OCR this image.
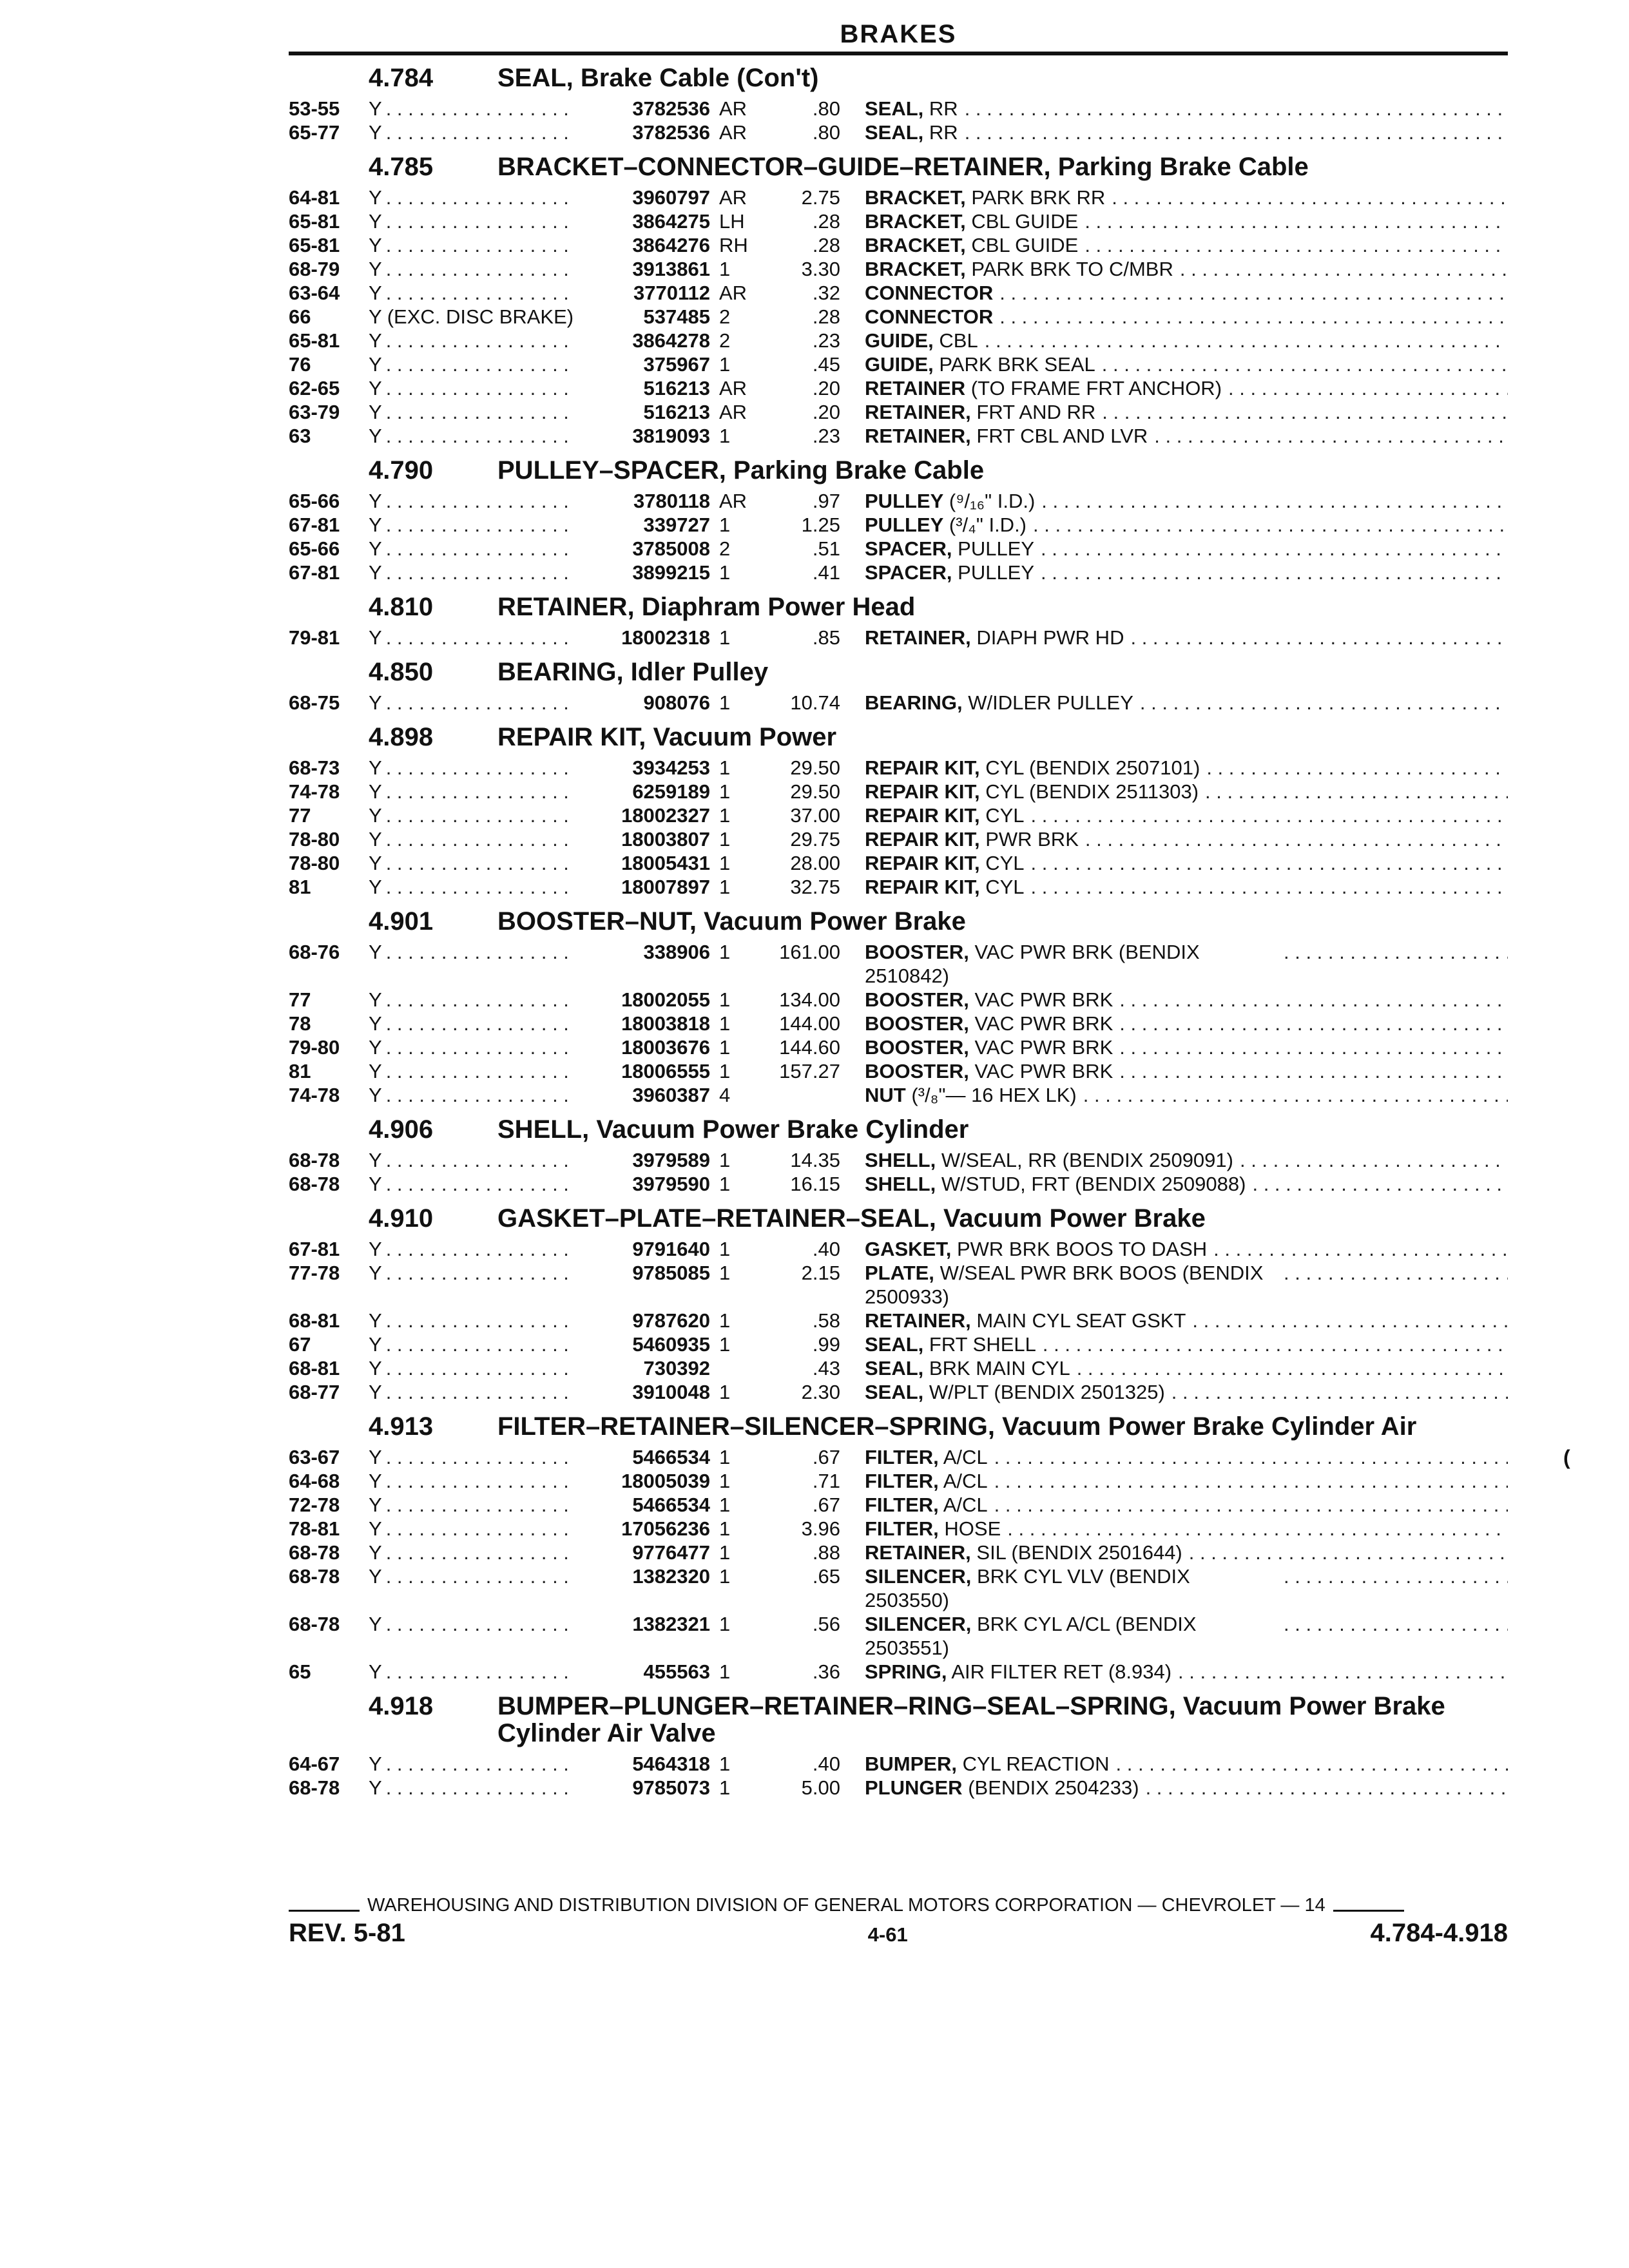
BRAKES
4.784	SEAL, Brake Cable (Con't)
53-55	Y . . .	3782536 AR	.80 SEAL, RR
. . .
65-77	Y . . .	3782536 AR	.80 SEAL, RR
. . .
4.785	BRACKET–CONNECTOR–GUIDE–RETAINER, Parking Brake Cable
64-81	Y . . .	3960797 AR	2.75 BRACKET, PARK BRK RR
. . .
65-81	Y . . .	3864275 LH	.28 BRACKET, CBL GUIDE
. . .
65-81	Y . . .	3864276 RH	.28 BRACKET, CBL GUIDE
. . .
68-79	Y . . .	3913861 1	3.30 BRACKET, PARK BRK TO C/MBR
. . .
63-64	Y . . .	3770112 AR	.32 CONNECTOR
. . .
66	Y (EXC. DISC BRAKE)	537485 2	.28 CONNECTOR
. . .
65-81	Y . . .	3864278 2	.23 GUIDE, CBL
. . .
76	Y . . .	375967 1	.45 GUIDE, PARK BRK SEAL
. . .
62-65	Y . . .	516213 AR	.20 RETAINER (TO FRAME FRT ANCHOR)
. . .
63-79	Y . . .	516213 AR	.20 RETAINER, FRT AND RR
. . .
63	Y . . .	3819093 1	.23 RETAINER, FRT CBL AND LVR
. . .
4.790	PULLEY–SPACER, Parking Brake Cable
65-66	Y . . .	3780118 AR	.97 PULLEY (⁹/₁₆" I.D.)
. . .
67-81	Y . . .	339727 1	1.25 PULLEY (³/₄" I.D.)
. . .
65-66	Y . . .	3785008 2	.51 SPACER, PULLEY
. . .
67-81	Y . . .	3899215 1	.41 SPACER, PULLEY
. . .
4.810	RETAINER, Diaphram Power Head
79-81	Y . . .	18002318 1	.85 RETAINER, DIAPH PWR HD
. . .
4.850	BEARING, Idler Pulley
68-75	Y . . .	908076 1	10.74 BEARING, W/IDLER PULLEY
. . .
4.898	REPAIR KIT, Vacuum Power
68-73	Y . . .	3934253 1	29.50 REPAIR KIT, CYL (BENDIX 2507101)
. . .
74-78	Y . . .	6259189 1	29.50 REPAIR KIT, CYL (BENDIX 2511303)
. . .
77	Y . . .	18002327 1	37.00 REPAIR KIT, CYL
. . .
78-80	Y . . .	18003807 1	29.75 REPAIR KIT, PWR BRK
. . .
78-80	Y . . .	18005431 1	28.00 REPAIR KIT, CYL
. . .
81	Y . . .	18007897 1	32.75 REPAIR KIT, CYL
. . .
4.901	BOOSTER–NUT, Vacuum Power Brake
68-76	Y . . .	338906 1	161.00 BOOSTER, VAC PWR BRK (BENDIX 2510842)
. . .
77	Y . . .	18002055 1	134.00 BOOSTER, VAC PWR BRK
. . .
78	Y . . .	18003818 1	144.00 BOOSTER, VAC PWR BRK
. . .
79-80	Y . . .	18003676 1	144.60 BOOSTER, VAC PWR BRK
. . .
81	Y . . .	18006555 1	157.27 BOOSTER, VAC PWR BRK
. . .
74-78	Y . . .	3960387 4	NUT (³/₈"— 16 HEX LK)
. . .
4.906	SHELL, Vacuum Power Brake Cylinder
68-78	Y . . .	3979589 1	14.35 SHELL, W/SEAL, RR (BENDIX 2509091)
. . .
68-78	Y . . .	3979590 1	16.15 SHELL, W/STUD, FRT (BENDIX 2509088)
. . .
4.910	GASKET–PLATE–RETAINER–SEAL, Vacuum Power Brake
67-81	Y . . .	9791640 1	.40 GASKET, PWR BRK BOOS TO DASH
. . .
77-78	Y . . .	9785085 1	2.15 PLATE, W/SEAL PWR BRK BOOS (BENDIX 2500933)
. . .
68-81	Y . . .	9787620 1	.58 RETAINER, MAIN CYL SEAT GSKT
. . .
67	Y . . .	5460935 1	.99 SEAL, FRT SHELL
. . .
68-81	Y . . .	730392	.43 SEAL, BRK MAIN CYL
. . .
68-77	Y . . .	3910048 1	2.30 SEAL, W/PLT (BENDIX 2501325)
. . .
4.913	FILTER–RETAINER–SILENCER–SPRING, Vacuum Power Brake Cylinder Air
63-67	Y . . .	5466534 1	.67 FILTER, A/CL
. . .
64-68	Y . . .	18005039 1	.71 FILTER, A/CL
. . .
72-78	Y . . .	5466534 1	.67 FILTER, A/CL
. . .
78-81	Y . . .	17056236 1	3.96 FILTER, HOSE
. . .
68-78	Y . . .	9776477 1	.88 RETAINER, SIL (BENDIX 2501644)
. . .
68-78	Y . . .	1382320 1	.65 SILENCER, BRK CYL VLV (BENDIX 2503550)
. . .
68-78	Y . . .	1382321 1	.56 SILENCER, BRK CYL A/CL (BENDIX 2503551)
. . .
65	Y . . .	455563 1	.36 SPRING, AIR FILTER RET (8.934)
. . .
4.918	BUMPER–PLUNGER–RETAINER–RING–SEAL–SPRING, Vacuum Power Brake Cylinder Air Valve
64-67	Y . . .	5464318 1	.40 BUMPER, CYL REACTION
. . .
68-78	Y . . .	9785073 1	5.00 PLUNGER (BENDIX 2504233)
. . .
WAREHOUSING AND DISTRIBUTION DIVISION OF GENERAL MOTORS CORPORATION — CHEVROLET — 14
REV. 5-81	4-61	4.784-4.918
(
